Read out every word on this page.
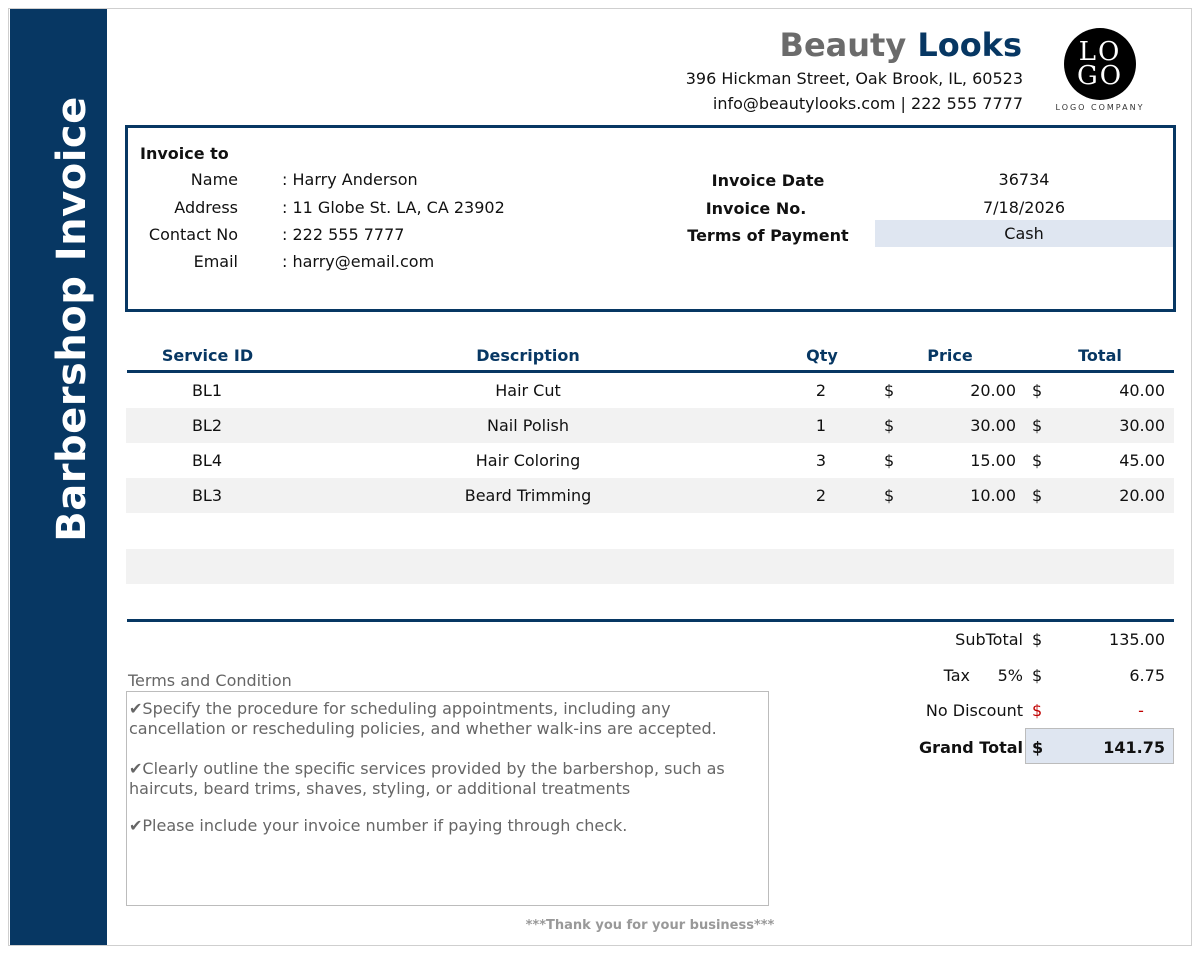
Barbershop Invoice
Beauty Looks
396 Hickman Street, Oak Brook, IL, 60523
info@beautylooks.com | 222 555 7777
LO
GO
LOGO COMPANY
Invoice to
Name	: Harry Anderson
Address	: 11 Globe St. LA, CA 23902
Contact No	: 222 555 7777
Email	: harry@email.com
Invoice Date	36734
Invoice No.	7/18/2026
Terms of Payment	Cash
Service ID	Description	Qty	Price	Total
BL1	Hair Cut	2	$	20.00 $	40.00
BL2	Nail Polish	1	$	30.00 $	30.00
BL4	Hair Coloring	3	$	15.00 $	45.00
BL3	Beard Trimming	2	$	10.00 $	20.00
SubTotal $	135.00
Tax	5% $	6.75
No Discount $	-
Grand Total $	141.75
Terms and Condition

✔Specify the procedure for scheduling appointments, including any cancellation or rescheduling policies, and whether walk-ins are accepted.

✔Clearly outline the specific services provided by the barbershop, such as haircuts, beard trims, shaves, styling, or additional treatments

✔Please include your invoice number if paying through check.

***Thank you for your business***
